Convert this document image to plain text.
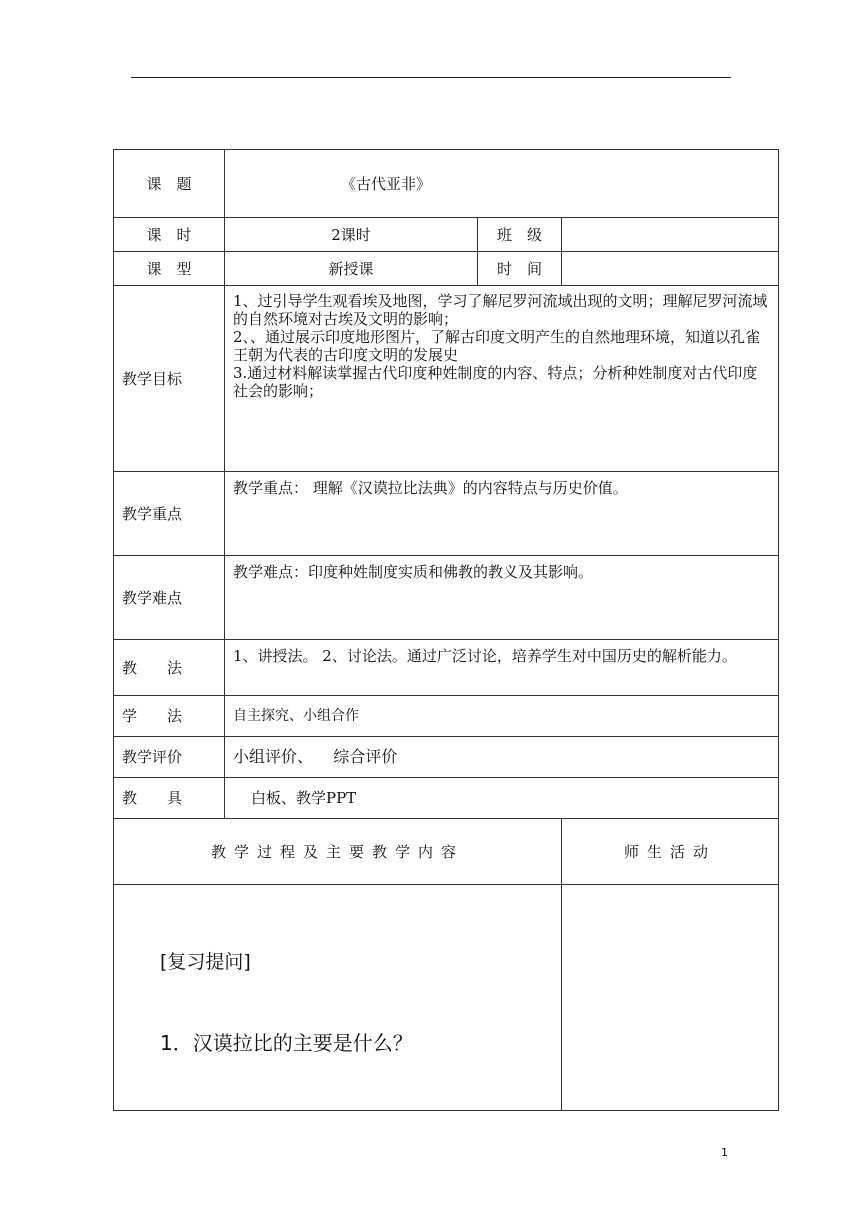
课　题	《古代亚非》		
课　时	2课时	班　级	
课　型	新授课	时　间	
教学目标	1、过引导学生观看埃及地图，学习了解尼罗河流域出现的文明；理解尼罗河流域的自然环境对古埃及文明的影响；

2、、通过展示印度地形图片，了解古印度文明产生的自然地理环境，知道以孔雀王朝为代表的古印度文明的发展史

3.通过材料解读掌握古代印度种姓制度的内容、特点；分析种姓制度对古代印度社会的影响；		

教学重点	教学重点： 理解《汉谟拉比法典》的内容特点与历史价值。		
教学难点	教学难点：印度种姓制度实质和佛教的教义及其影响。		
教　　法	1、讲授法。 2、讨论法。通过广泛讨论，培养学生对中国历史的解析能力。		
学　　法	自主探究、小组合作		
教学评价	小组评价、    综合评价		
教　　具	白板、教学PPT		
教学过程及主要教学内容			师生活动

[复习提问]
1．汉谟拉比的主要是什么？			

1
